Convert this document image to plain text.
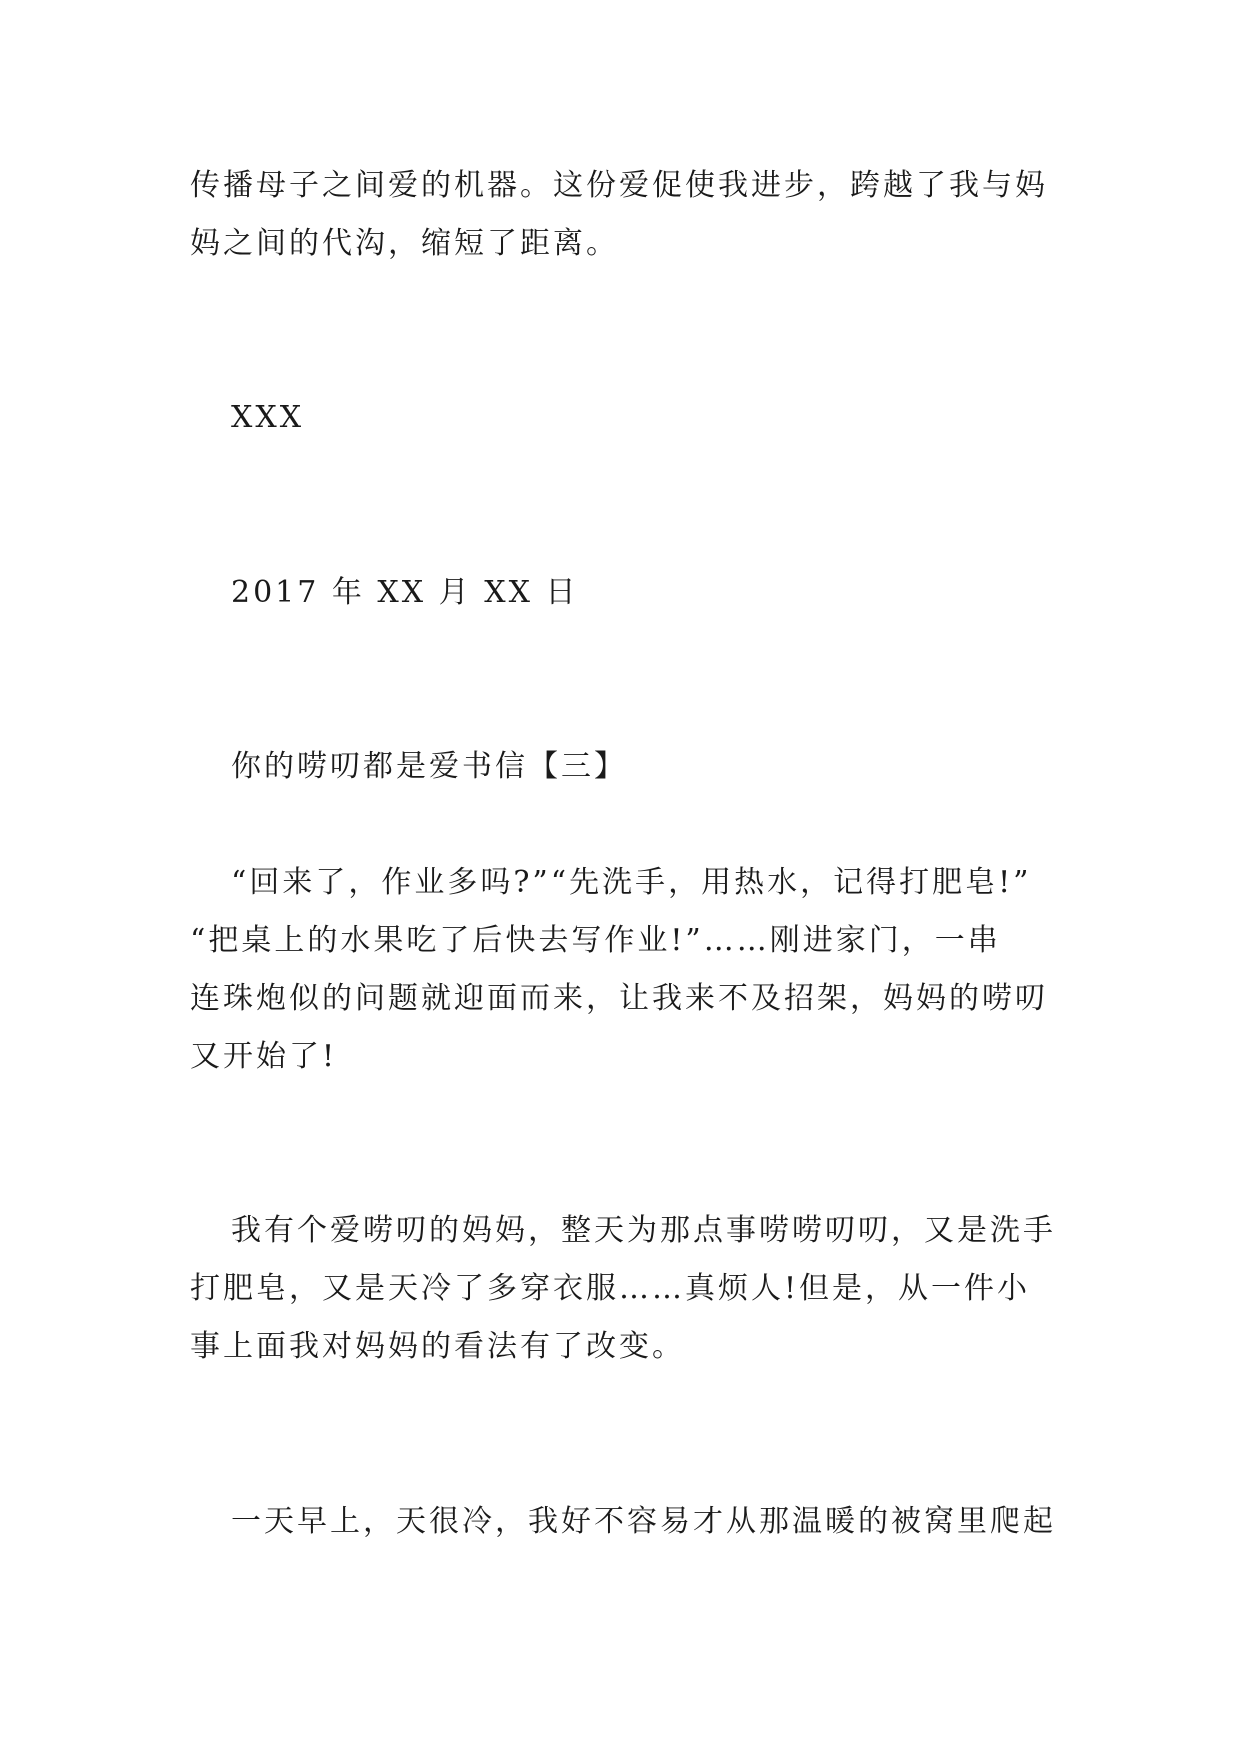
传播母子之间爱的机器。这份爱促使我进步，跨越了我与妈
妈之间的代沟，缩短了距离。
XXX
2017 年 XX 月 XX 日
你的唠叨都是爱书信【三】
“回来了，作业多吗?”“先洗手，用热水，记得打肥皂!”
“把桌上的水果吃了后快去写作业!”……刚进家门，一串
连珠炮似的问题就迎面而来，让我来不及招架，妈妈的唠叨
又开始了!
我有个爱唠叨的妈妈，整天为那点事唠唠叨叨，又是洗手
打肥皂，又是天冷了多穿衣服……真烦人!但是，从一件小
事上面我对妈妈的看法有了改变。
一天早上，天很冷，我好不容易才从那温暖的被窝里爬起
